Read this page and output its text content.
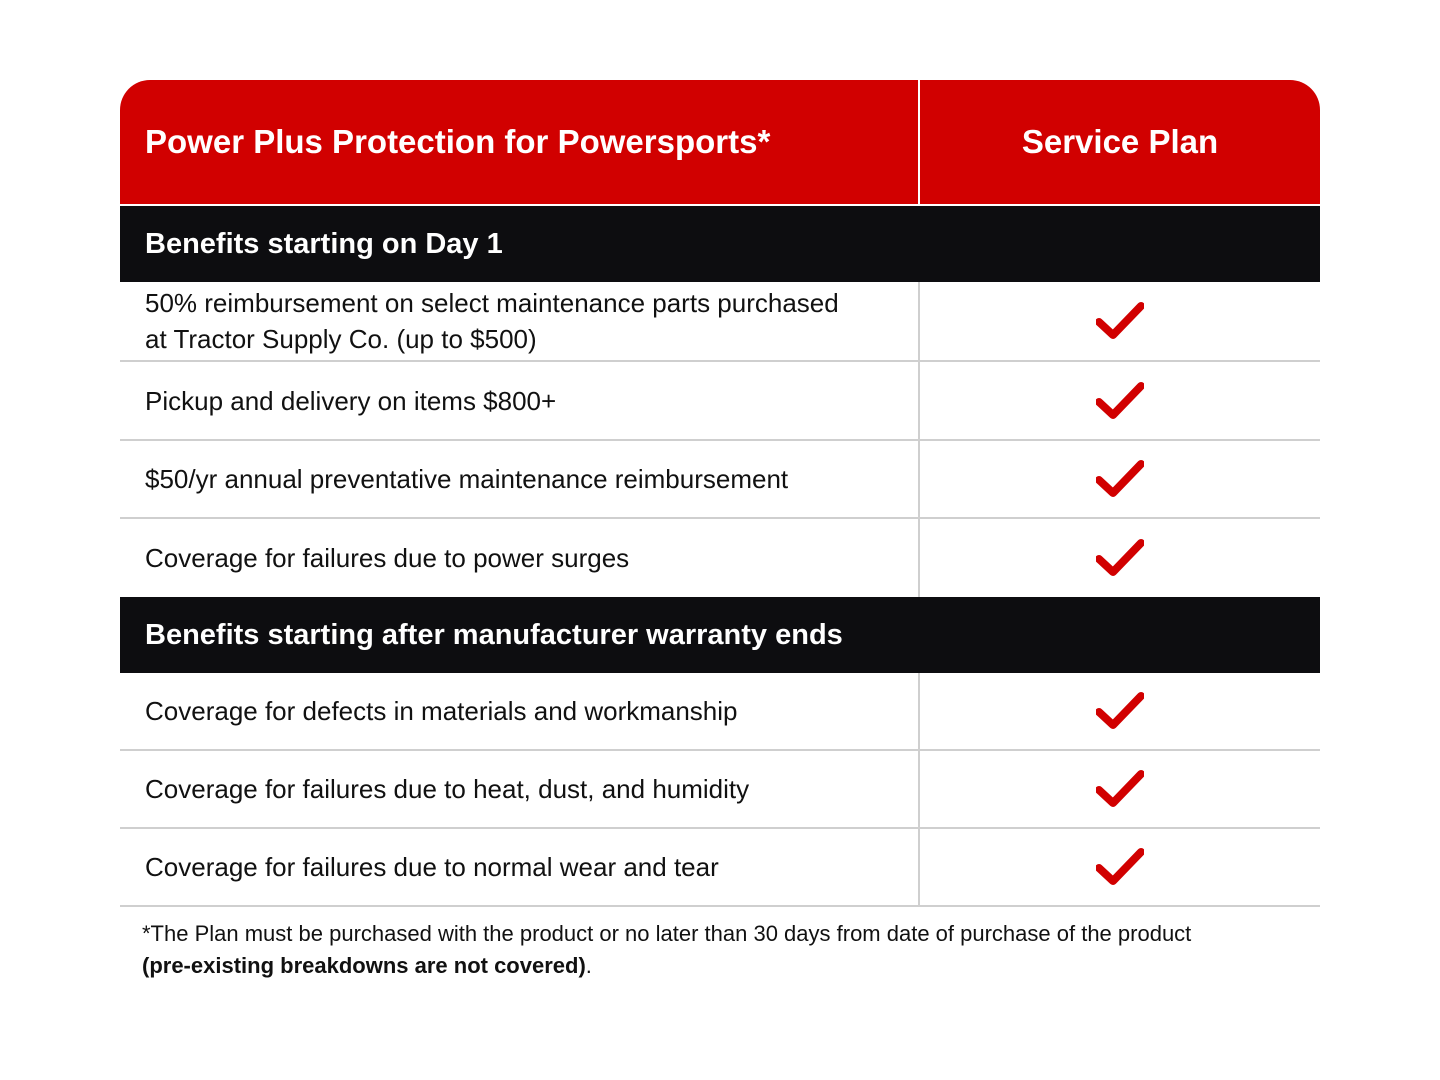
Power Plus Protection for Powersports*	Service Plan
Benefits starting on Day 1
50% reimbursement on select maintenance parts purchased
at Tractor Supply Co. (up to $500)
Pickup and delivery on items $800+
$50/yr annual preventative maintenance reimbursement
Coverage for failures due to power surges
Benefits starting after manufacturer warranty ends
Coverage for defects in materials and workmanship
Coverage for failures due to heat, dust, and humidity
Coverage for failures due to normal wear and tear
*The Plan must be purchased with the product or no later than 30 days from date of purchase of the product
(pre-existing breakdowns are not covered).
